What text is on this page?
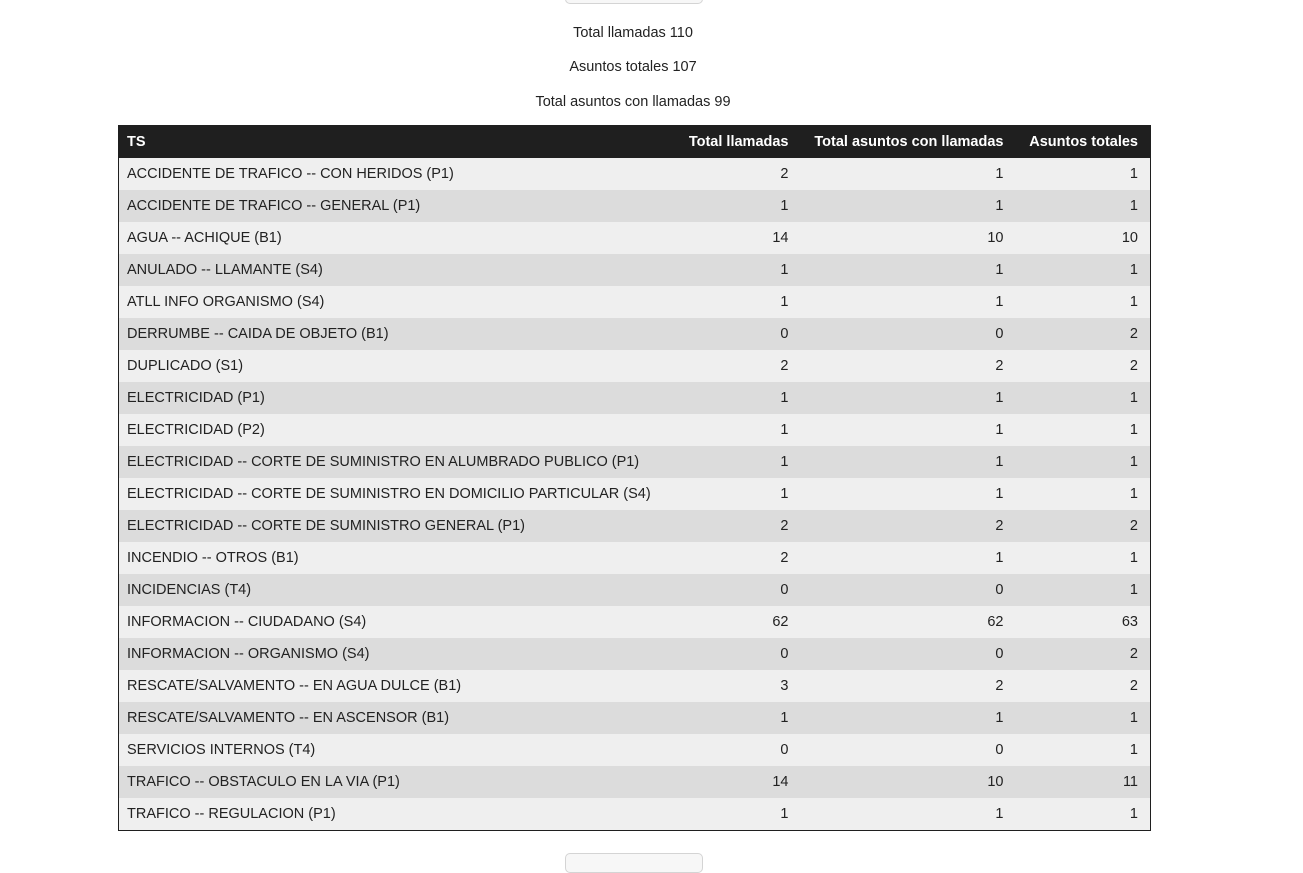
Total llamadas 110
Asuntos totales 107
Total asuntos con llamadas 99
TS	Total llamadas	Total asuntos con llamadas	Asuntos totales
ACCIDENTE DE TRAFICO -- CON HERIDOS (P1)	2	1	1
ACCIDENTE DE TRAFICO -- GENERAL (P1)	1	1	1
AGUA -- ACHIQUE (B1)	14	10	10
ANULADO -- LLAMANTE (S4)	1	1	1
ATLL INFO ORGANISMO (S4)	1	1	1
DERRUMBE -- CAIDA DE OBJETO (B1)	0	0	2
DUPLICADO (S1)	2	2	2
ELECTRICIDAD (P1)	1	1	1
ELECTRICIDAD (P2)	1	1	1
ELECTRICIDAD -- CORTE DE SUMINISTRO EN ALUMBRADO PUBLICO (P1)	1	1	1
ELECTRICIDAD -- CORTE DE SUMINISTRO EN DOMICILIO PARTICULAR (S4)	1	1	1
ELECTRICIDAD -- CORTE DE SUMINISTRO GENERAL (P1)	2	2	2
INCENDIO -- OTROS (B1)	2	1	1
INCIDENCIAS (T4)	0	0	1
INFORMACION -- CIUDADANO (S4)	62	62	63
INFORMACION -- ORGANISMO (S4)	0	0	2
RESCATE/SALVAMENTO -- EN AGUA DULCE (B1)	3	2	2
RESCATE/SALVAMENTO -- EN ASCENSOR (B1)	1	1	1
SERVICIOS INTERNOS (T4)	0	0	1
TRAFICO -- OBSTACULO EN LA VIA (P1)	14	10	11
TRAFICO -- REGULACION (P1)	1	1	1
